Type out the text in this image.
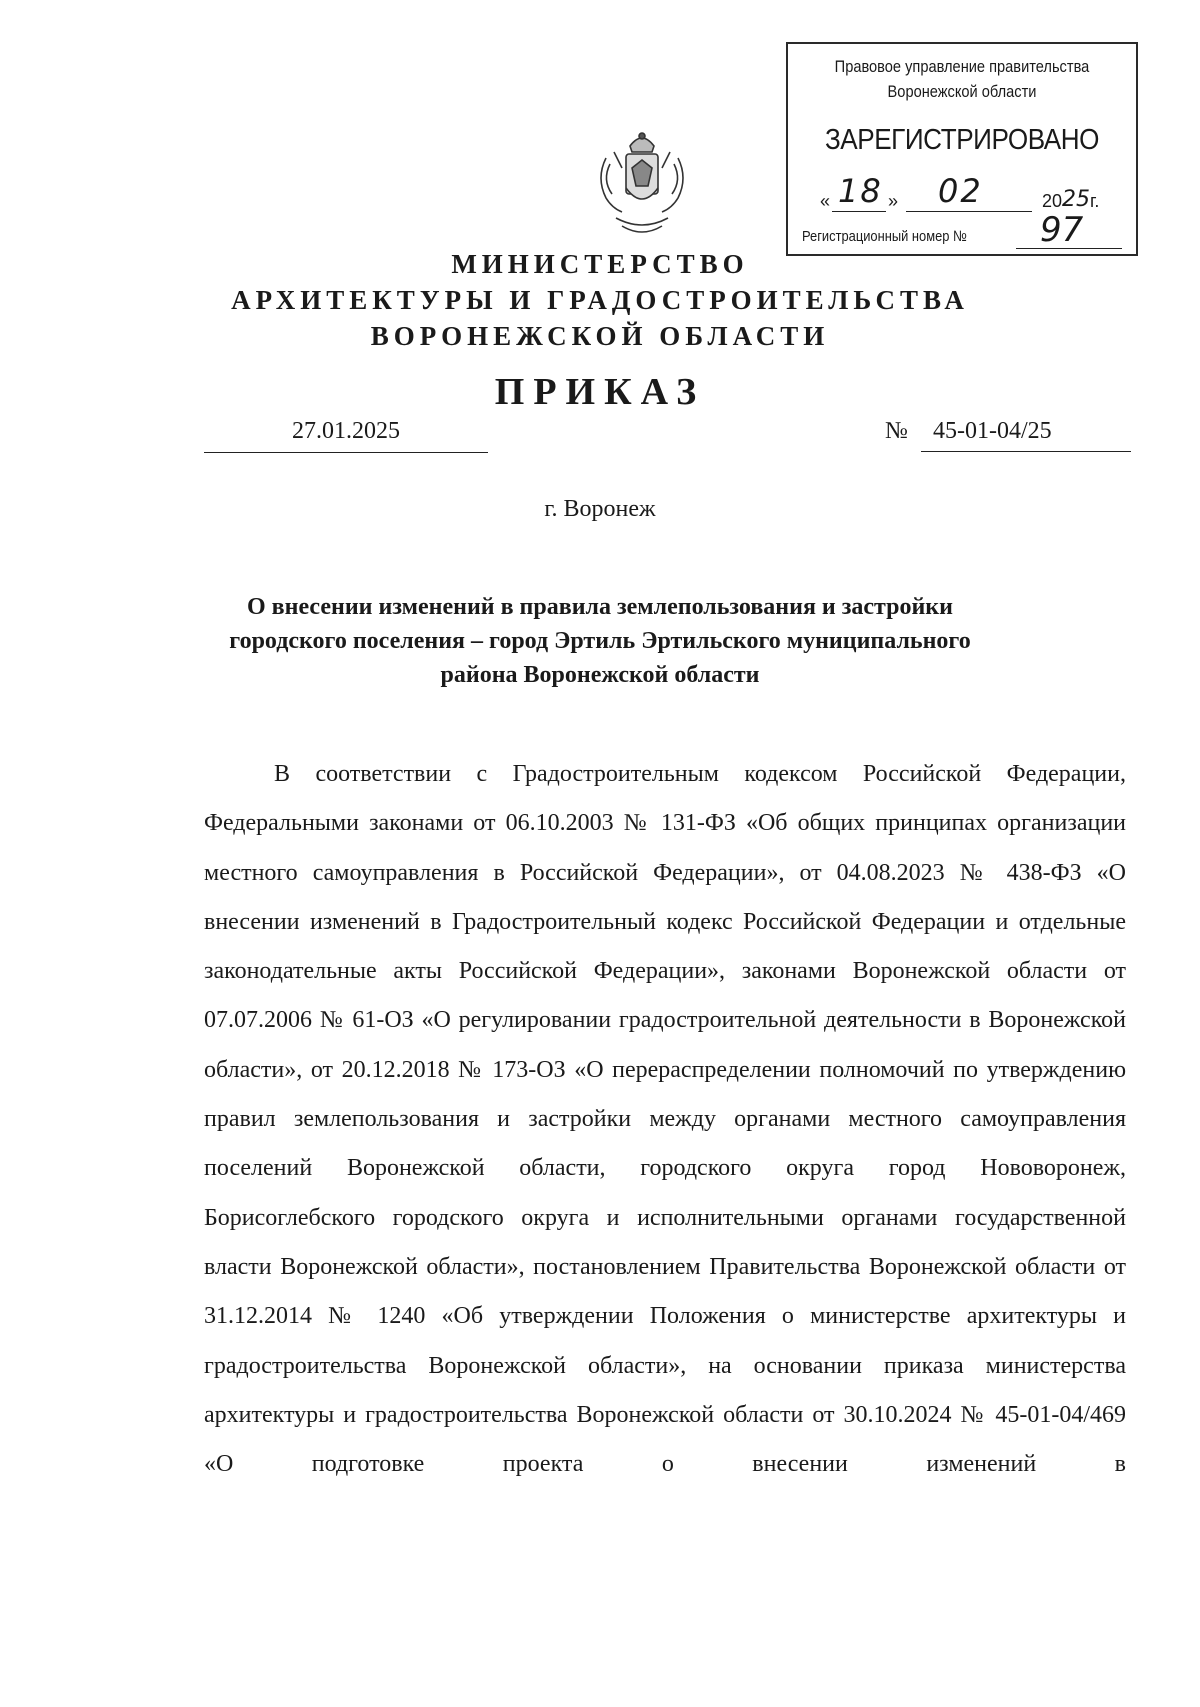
Правовое управление правительства
Воронежской области
ЗАРЕГИСТРИРОВАНО
« 18 » 02	20 25 г.
Регистрационный номер № 97
МИНИСТЕРСТВО
АРХИТЕКТУРЫ И ГРАДОСТРОИТЕЛЬСТВА
ВОРОНЕЖСКОЙ ОБЛАСТИ
ПРИКАЗ
27.01.2025	№	45-01-04/25
г. Воронеж
О внесении изменений в правила землепользования и застройки
городского поселения – город Эртиль Эртильского муниципального
района Воронежской области

В соответствии с Градостроительным кодексом Российской Федерации, Федеральными законами от 06.10.2003 № 131-ФЗ «Об общих принципах организации местного самоуправления в Российской Федерации», от 04.08.2023 № 438-ФЗ «О внесении изменений в Градостроительный кодекс Российской Федерации и отдельные законодательные акты Российской Федерации», законами Воронежской области от 07.07.2006 № 61-ОЗ «О регулировании градостроительной деятельности в Воронежской области», от 20.12.2018 № 173-ОЗ «О перераспределении полномочий по утверждению правил землепользования и застройки между органами местного самоуправления поселений Воронежской области, городского округа город Нововоронеж, Борисоглебского городского округа и исполнительными органами государственной власти Воронежской области», постановлением Правительства Воронежской области от 31.12.2014 № 1240 «Об утверждении Положения о министерстве архитектуры и градостроительства Воронежской области», на основании приказа министерства архитектуры и градостроительства Воронежской области от 30.10.2024 № 45-01-04/469 «О подготовке проекта о внесении изменений в
